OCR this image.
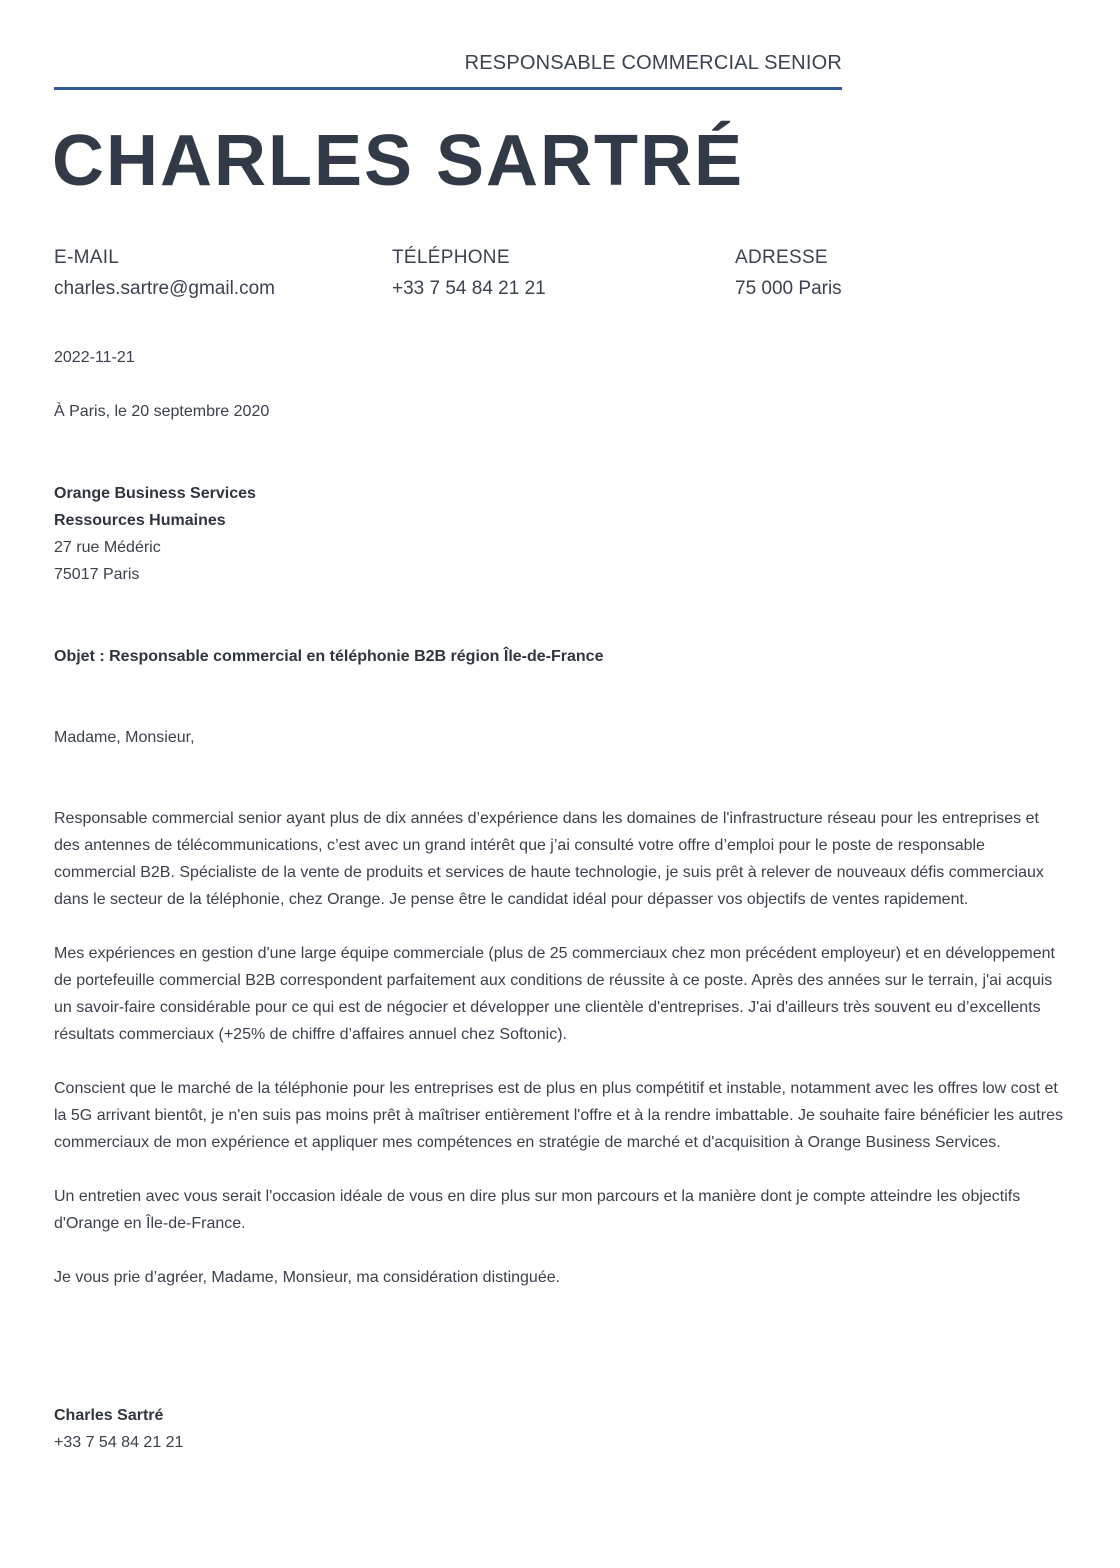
RESPONSABLE COMMERCIAL SENIOR
CHARLES SARTRÉ
E-MAIL
charles.sartre@gmail.com
TÉLÉPHONE
+33 7 54 84 21 21
ADRESSE
75 000 Paris
2022-11-21
À Paris, le 20 septembre 2020
Orange Business Services
Ressources Humaines
27 rue Médéric
75017 Paris
Objet : Responsable commercial en téléphonie B2B région Île-de-France
Madame, Monsieur,

Responsable commercial senior ayant plus de dix années d’expérience dans les domaines de l'infrastructure réseau pour les entreprises et des antennes de télécommunications, c’est avec un grand intérêt que j’ai consulté votre offre d’emploi pour le poste de responsable commercial B2B. Spécialiste de la vente de produits et services de haute technologie, je suis prêt à relever de nouveaux défis commerciaux dans le secteur de la téléphonie, chez Orange. Je pense être le candidat idéal pour dépasser vos objectifs de ventes rapidement.

Mes expériences en gestion d'une large équipe commerciale (plus de 25 commerciaux chez mon précédent employeur) et en développement de portefeuille commercial B2B correspondent parfaitement aux conditions de réussite à ce poste. Après des années sur le terrain, j'ai acquis un savoir-faire considérable pour ce qui est de négocier et développer une clientèle d'entreprises. J'ai d'ailleurs très souvent eu d’excellents résultats commerciaux (+25% de chiffre d’affaires annuel chez Softonic).

Conscient que le marché de la téléphonie pour les entreprises est de plus en plus compétitif et instable, notamment avec les offres low cost et la 5G arrivant bientôt, je n'en suis pas moins prêt à maîtriser entièrement l'offre et à la rendre imbattable. Je souhaite faire bénéficier les autres commerciaux de mon expérience et appliquer mes compétences en stratégie de marché et d'acquisition à Orange Business Services.

Un entretien avec vous serait l'occasion idéale de vous en dire plus sur mon parcours et la manière dont je compte atteindre les objectifs d'Orange en Île-de-France.

Je vous prie d’agréer, Madame, Monsieur, ma considération distinguée.

Charles Sartré
+33 7 54 84 21 21
